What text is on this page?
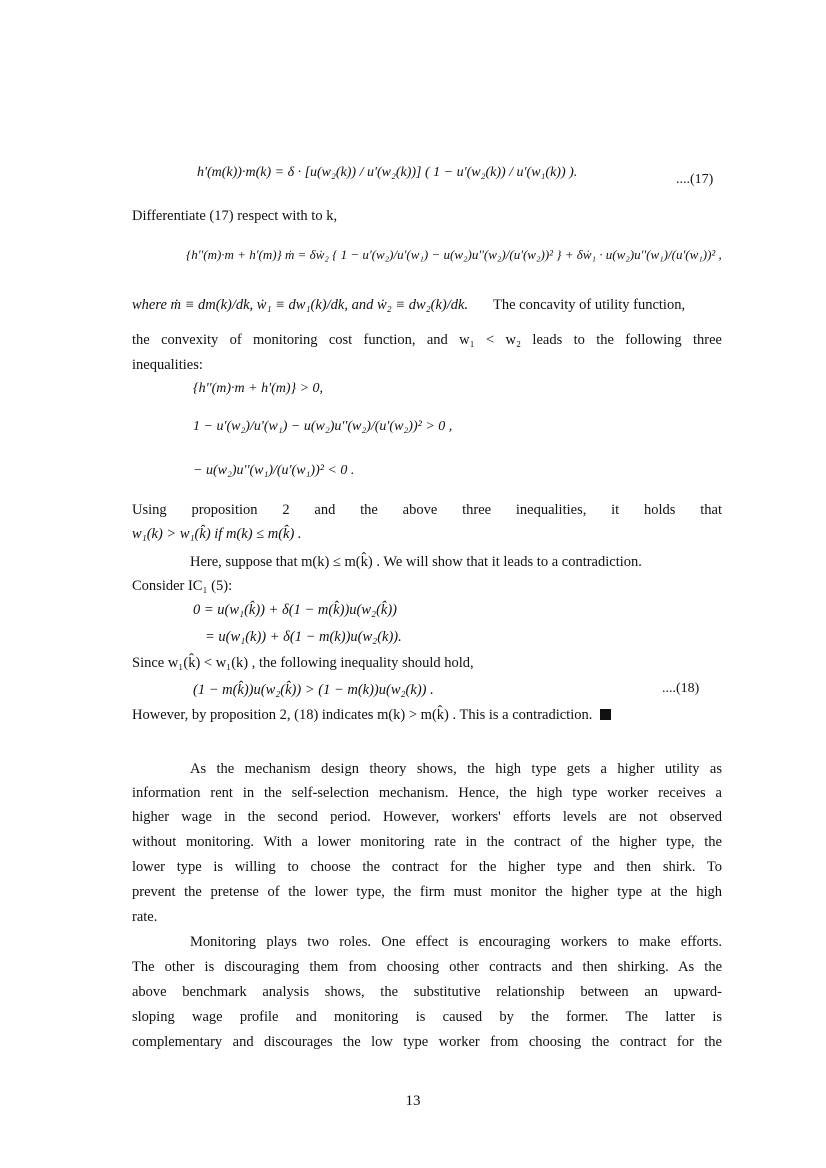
h'(m(k))·m(k) = δ · [u(w₂(k)) / u'(w₂(k))] ( 1 − u'(w₂(k)) / u'(w₁(k)) ).	....(17)
Differentiate (17) respect with to k,
{h''(m)·m + h'(m)} ṁ = δẇ₂ { 1 − u'(w₂)/u'(w₁) − u(w₂)u''(w₂)/(u'(w₂))² } + δẇ₁ · u(w₂)u''(w₁)/(u'(w₁))² ,
where ṁ ≡ dm(k)/dk, ẇ₁ ≡ dw₁(k)/dk, and ẇ₂ ≡ dw₂(k)/dk. The concavity of utility function,
the convexity of monitoring cost function, and w₁ < w₂ leads to the following three
inequalities:
{h''(m)·m + h'(m)} > 0,
1 − u'(w₂)/u'(w₁) − u(w₂)u''(w₂)/(u'(w₂))² > 0 ,
− u(w₂)u''(w₁)/(u'(w₁))² < 0 .
Using proposition 2 and the above three inequalities, it holds that
w₁(k) > w₁(k̂) if m(k) ≤ m(k̂) .
Here, suppose that m(k) ≤ m(k̂) . We will show that it leads to a contradiction.
Consider IC₁ (5):
0 = u(w₁(k̂)) + δ(1 − m(k̂))u(w₂(k̂))
= u(w₁(k)) + δ(1 − m(k))u(w₂(k)).
Since w₁(k̂) < w₁(k) , the following inequality should hold,
(1 − m(k̂))u(w₂(k̂)) > (1 − m(k))u(w₂(k)) .	....(18)
However, by proposition 2, (18) indicates m(k) > m(k̂) . This is a contradiction.
As the mechanism design theory shows, the high type gets a higher utility as
information rent in the self-selection mechanism. Hence, the high type worker receives a
higher wage in the second period. However, workers' efforts levels are not observed
without monitoring. With a lower monitoring rate in the contract of the higher type, the
lower type is willing to choose the contract for the higher type and then shirk. To
prevent the pretense of the lower type, the firm must monitor the higher type at the high
rate.
Monitoring plays two roles. One effect is encouraging workers to make efforts.
The other is discouraging them from choosing other contracts and then shirking. As the
above benchmark analysis shows, the substitutive relationship between an upward-
sloping wage profile and monitoring is caused by the former. The latter is
complementary and discourages the low type worker from choosing the contract for the
13
